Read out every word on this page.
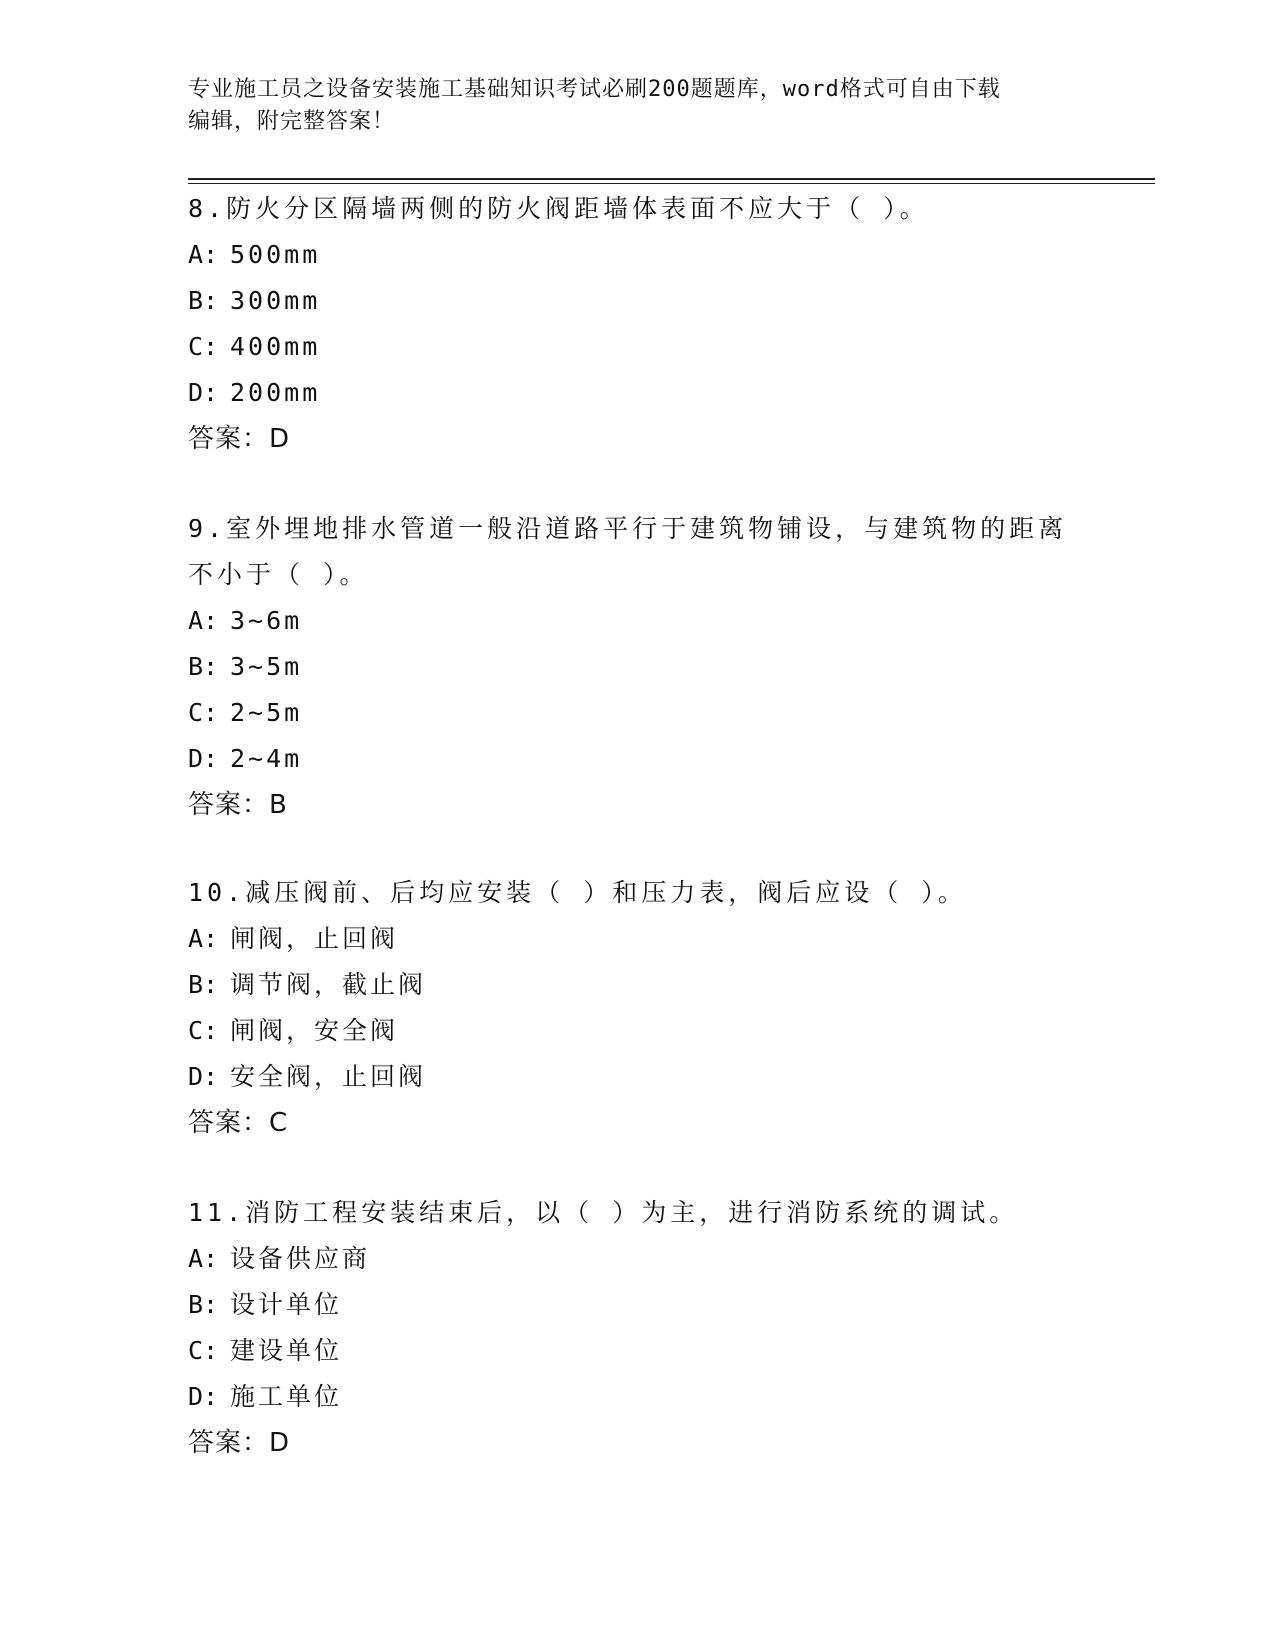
专业施工员之设备安装施工基础知识考试必刷200题题库，word格式可自由下载
编辑，附完整答案！

8.防火分区隔墙两侧的防火阀距墙体表面不应大于（ ）。

A: 500mm

B: 300mm

C: 400mm

D: 200mm

答案：D

9.室外埋地排水管道一般沿道路平行于建筑物铺设，与建筑物的距离不小于（ ）。

A: 3~6m

B: 3~5m

C: 2~5m

D: 2~4m

答案：B

10.减压阀前、后均应安装（ ）和压力表，阀后应设（ ）。

A: 闸阀，止回阀

B: 调节阀，截止阀

C: 闸阀，安全阀

D: 安全阀，止回阀

答案：C

11.消防工程安装结束后，以（ ）为主，进行消防系统的调试。

A: 设备供应商

B: 设计单位

C: 建设单位

D: 施工单位

答案：D
